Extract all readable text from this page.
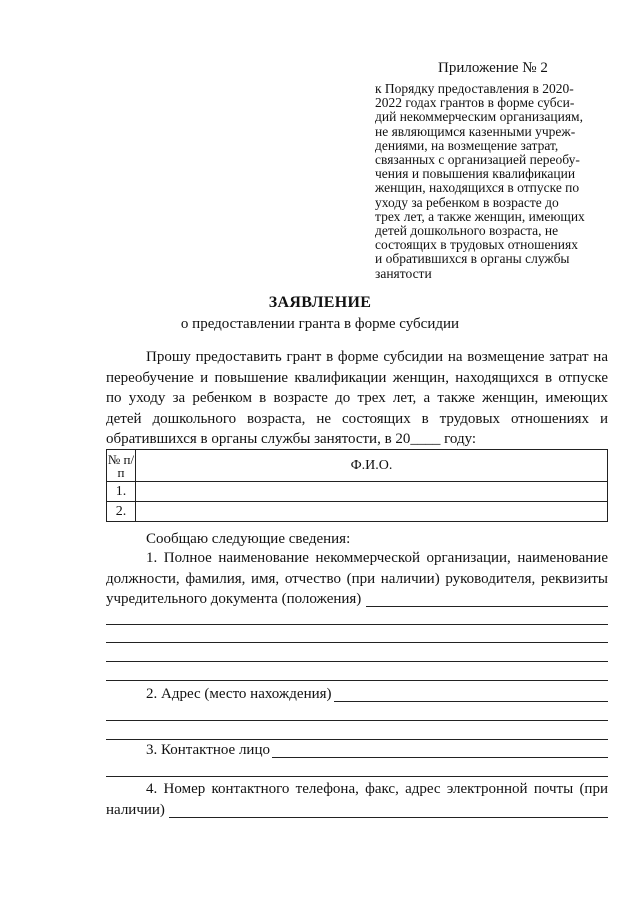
Приложение № 2
к Порядку предоставления в 2020-
2022 годах грантов в форме субси-
дий некоммерческим организациям,
не являющимся казенными учреж-
дениями, на возмещение затрат,
связанных с организацией переобу-
чения и повышения квалификации
женщин, находящихся в отпуске по
уходу за ребенком в возрасте до
трех лет, а также женщин, имеющих
детей дошкольного возраста, не
состоящих в трудовых отношениях
и обратившихся в органы службы
занятости
ЗАЯВЛЕНИЕ
о предоставлении гранта в форме субсидии
Прошу предоставить грант в форме субсидии на возмещение затрат на
переобучение и повышение квалификации женщин, находящихся в отпуске
по уходу за ребенком в возрасте до трех лет, а также женщин, имеющих
детей дошкольного возраста, не состоящих в трудовых отношениях и
обратившихся в органы службы занятости, в 20____ году:
№ п/п	Ф.И.О.
1.	
2.	
Сообщаю следующие сведения:
1. Полное наименование некоммерческой организации, наименование
должности, фамилия, имя, отчество (при наличии) руководителя, реквизиты
учредительного документа (положения)
2. Адрес (место нахождения)
3. Контактное лицо
4. Номер контактного телефона, факс, адрес электронной почты (при
наличии)
